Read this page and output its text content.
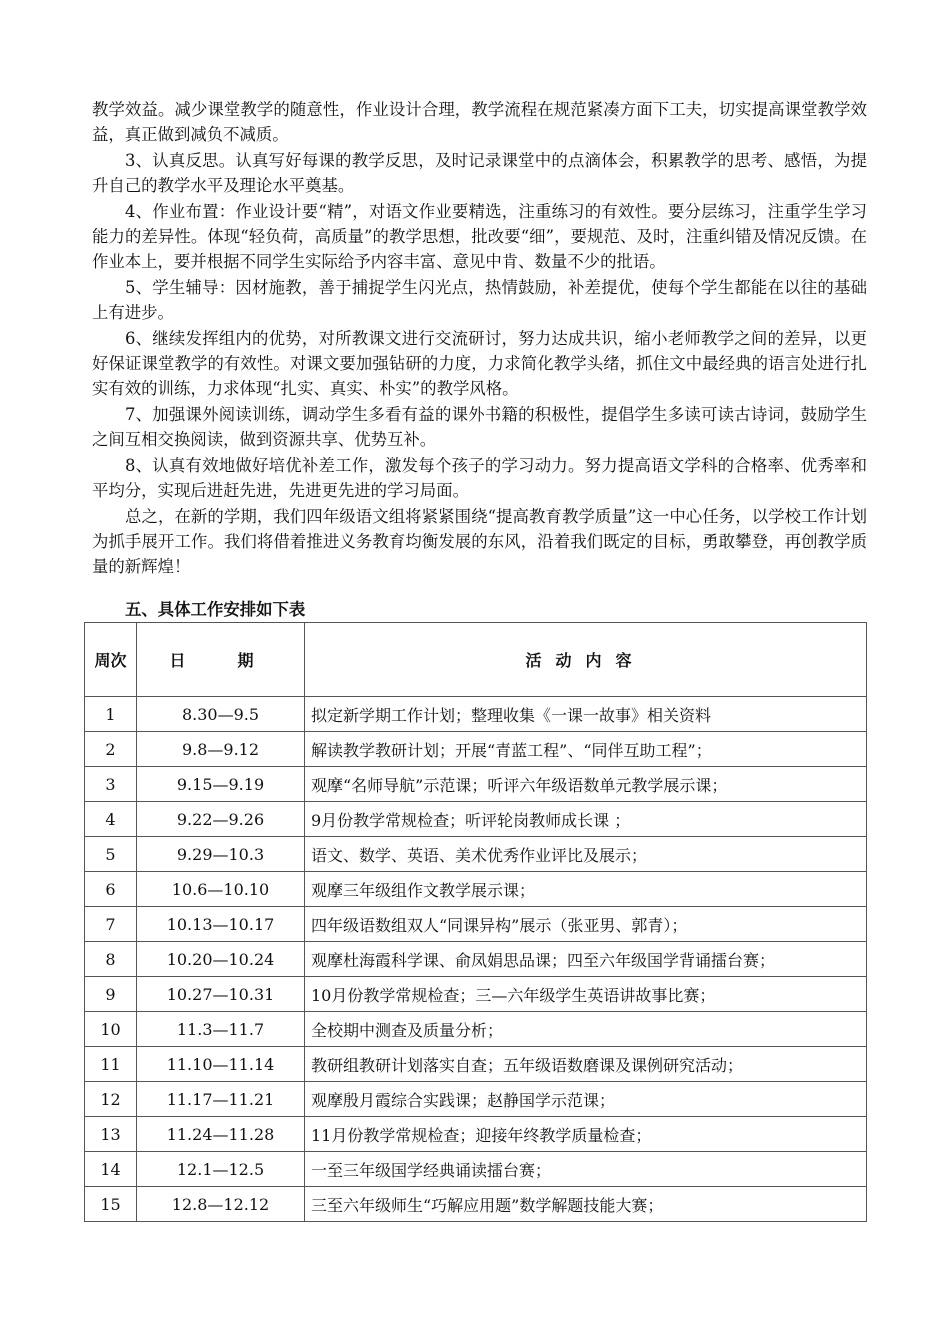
教学效益。减少课堂教学的随意性，作业设计合理，教学流程在规范紧凑方面下工夫，切实提高课堂教学效益，真正做到减负不减质。

3、认真反思。认真写好每课的教学反思，及时记录课堂中的点滴体会，积累教学的思考、感悟，为提升自己的教学水平及理论水平奠基。

4、作业布置：作业设计要“精”，对语文作业要精选，注重练习的有效性。要分层练习，注重学生学习能力的差异性。体现“轻负荷，高质量”的教学思想，批改要“细”，要规范、及时，注重纠错及情况反馈。在作业本上，要并根据不同学生实际给予内容丰富、意见中肯、数量不少的批语。

5、学生辅导：因材施教，善于捕捉学生闪光点，热情鼓励，补差提优，使每个学生都能在以往的基础上有进步。

6、继续发挥组内的优势，对所教课文进行交流研讨，努力达成共识，缩小老师教学之间的差异，以更好保证课堂教学的有效性。对课文要加强钻研的力度，力求简化教学头绪，抓住文中最经典的语言处进行扎实有效的训练，力求体现“扎实、真实、朴实”的教学风格。

7、加强课外阅读训练，调动学生多看有益的课外书籍的积极性，提倡学生多读可读古诗词，鼓励学生之间互相交换阅读，做到资源共享、优势互补。

8、认真有效地做好培优补差工作，激发每个孩子的学习动力。努力提高语文学科的合格率、优秀率和平均分，实现后进赶先进，先进更先进的学习局面。

总之，在新的学期，我们四年级语文组将紧紧围绕“提高教育教学质量”这一中心任务，以学校工作计划为抓手展开工作。我们将借着推进义务教育均衡发展的东风，沿着我们既定的目标，勇敢攀登，再创教学质量的新辉煌！

五、具体工作安排如下表
周次	日　期	活动内容
1	8.30—9.5	拟定新学期工作计划；整理收集《一课一故事》相关资料
2	9.8—9.12	解读教学教研计划；开展“青蓝工程”、“同伴互助工程”；
3	9.15—9.19	观摩“名师导航”示范课；听评六年级语数单元教学展示课；
4	9.22—9.26	9月份教学常规检查；听评轮岗教师成长课 ；
5	9.29—10.3	语文、数学、英语、美术优秀作业评比及展示；
6	10.6—10.10	观摩三年级组作文教学展示课；
7	10.13—10.17	四年级语数组双人“同课异构”展示（张亚男、郭青）；
8	10.20—10.24	观摩杜海霞科学课、俞凤娟思品课；四至六年级国学背诵擂台赛；
9	10.27—10.31	10月份教学常规检查；三—六年级学生英语讲故事比赛；
10	11.3—11.7	全校期中测查及质量分析；
11	11.10—11.14	教研组教研计划落实自查；五年级语数磨课及课例研究活动；
12	11.17—11.21	观摩殷月霞综合实践课；赵静国学示范课；
13	11.24—11.28	11月份教学常规检查；迎接年终教学质量检查；
14	12.1—12.5	一至三年级国学经典诵读擂台赛；
15	12.8—12.12	三至六年级师生“巧解应用题”数学解题技能大赛；
